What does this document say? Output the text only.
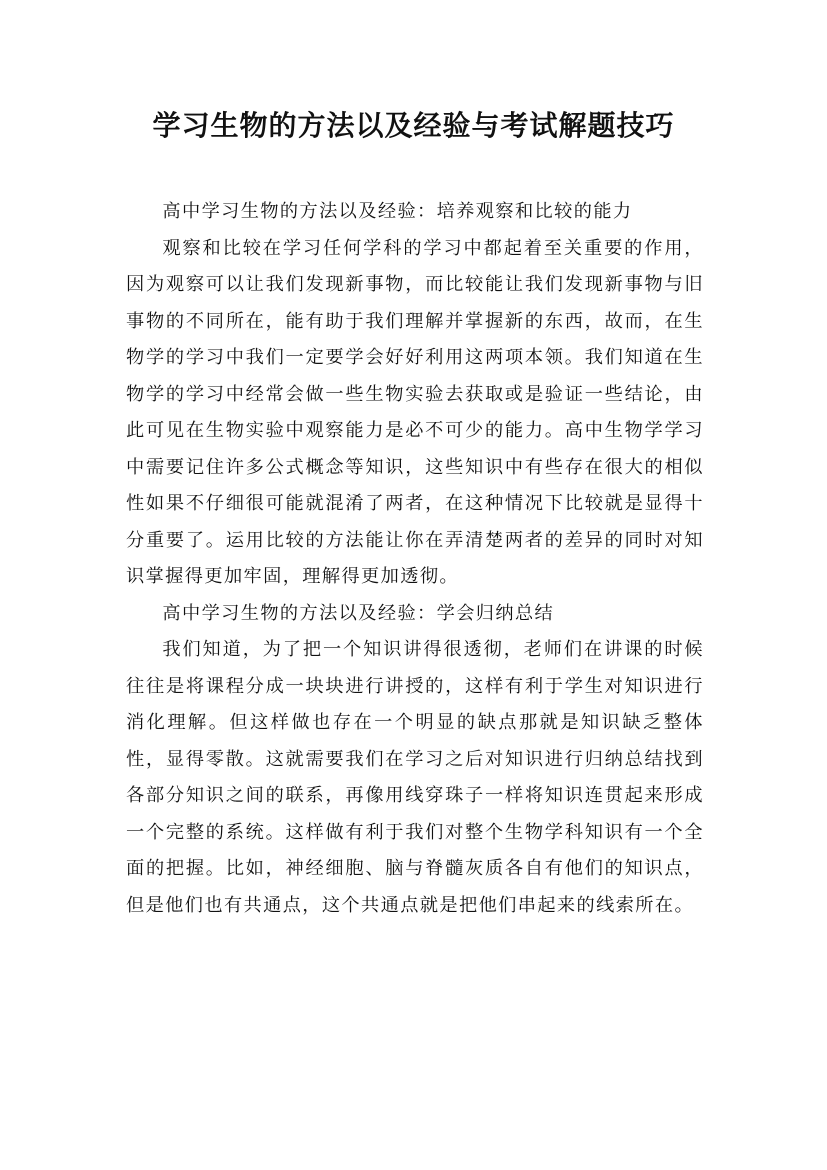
学习生物的方法以及经验与考试解题技巧

高中学习生物的方法以及经验：培养观察和比较的能力

观察和比较在学习任何学科的学习中都起着至关重要的作用，因为观察可以让我们发现新事物，而比较能让我们发现新事物与旧事物的不同所在，能有助于我们理解并掌握新的东西，故而，在生物学的学习中我们一定要学会好好利用这两项本领。我们知道在生物学的学习中经常会做一些生物实验去获取或是验证一些结论，由此可见在生物实验中观察能力是必不可少的能力。高中生物学学习中需要记住许多公式概念等知识，这些知识中有些存在很大的相似性如果不仔细很可能就混淆了两者，在这种情况下比较就是显得十分重要了。运用比较的方法能让你在弄清楚两者的差异的同时对知识掌握得更加牢固，理解得更加透彻。

高中学习生物的方法以及经验：学会归纳总结

我们知道，为了把一个知识讲得很透彻，老师们在讲课的时候往往是将课程分成一块块进行讲授的，这样有利于学生对知识进行消化理解。但这样做也存在一个明显的缺点那就是知识缺乏整体性，显得零散。这就需要我们在学习之后对知识进行归纳总结找到各部分知识之间的联系，再像用线穿珠子一样将知识连贯起来形成一个完整的系统。这样做有利于我们对整个生物学科知识有一个全面的把握。比如，神经细胞、脑与脊髓灰质各自有他们的知识点，但是他们也有共通点，这个共通点就是把他们串起来的线索所在。
